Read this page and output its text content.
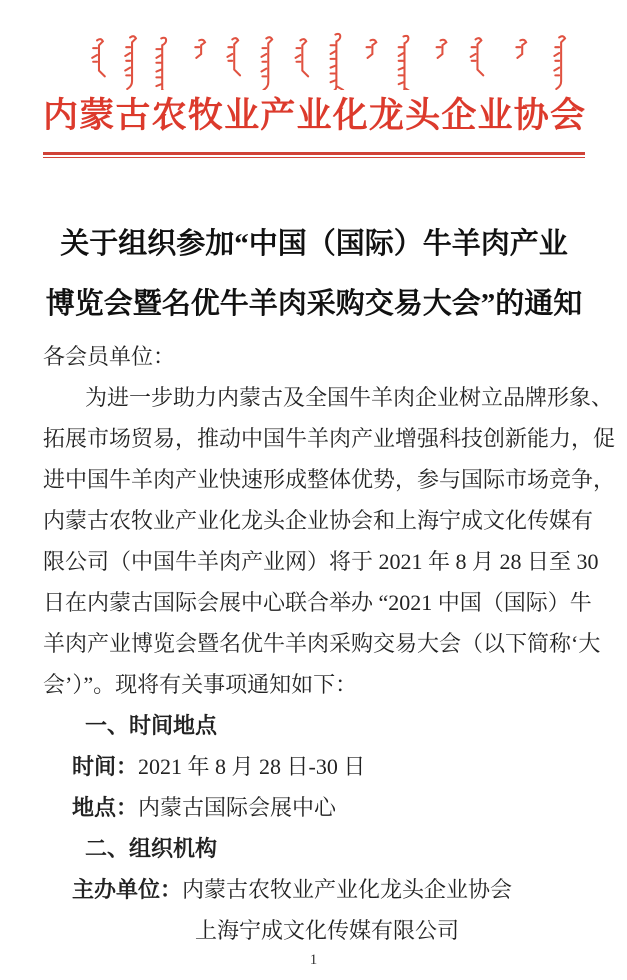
内蒙古农牧业产业化龙头企业协会
关于组织参加“中国（国际）牛羊肉产业
博览会暨名优牛羊肉采购交易大会”的通知
各会员单位：
为进一步助力内蒙古及全国牛羊肉企业树立品牌形象、
拓展市场贸易，推动中国牛羊肉产业增强科技创新能力，促
进中国牛羊肉产业快速形成整体优势，参与国际市场竞争，
内蒙古农牧业产业化龙头企业协会和上海宁成文化传媒有
限公司（中国牛羊肉产业网）将于 2021 年 8 月 28 日至 30
日在内蒙古国际会展中心联合举办 “2021 中国（国际）牛
羊肉产业博览会暨名优牛羊肉采购交易大会（以下简称‘大
会’）”。现将有关事项通知如下：
一、时间地点
时间：2021 年 8 月 28 日-30 日
地点：内蒙古国际会展中心
二、组织机构
主办单位：内蒙古农牧业产业化龙头企业协会
上海宁成文化传媒有限公司
1
